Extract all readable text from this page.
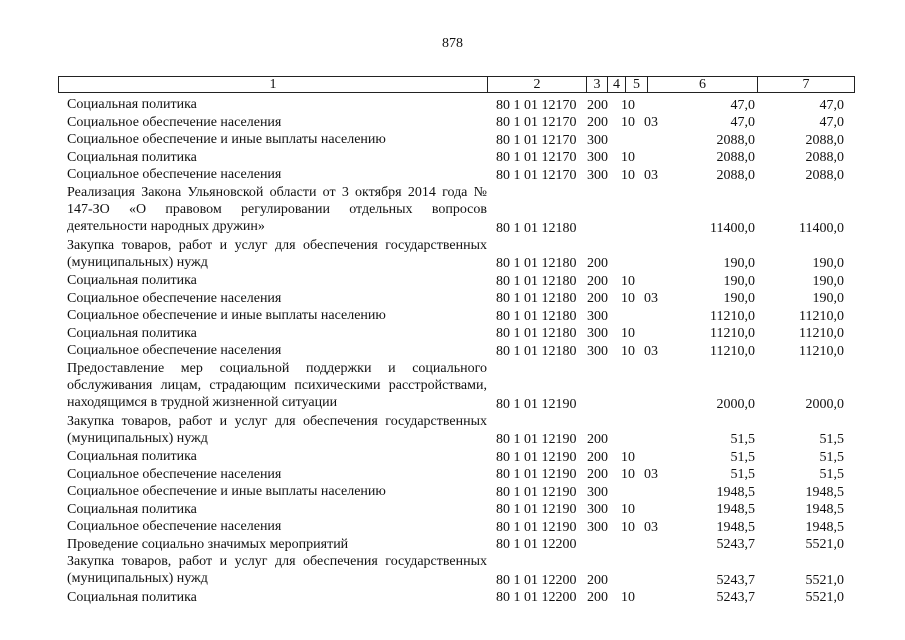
878
1	2	3 4 5	6	7
Социальная политика	80 1 01 12170 200 10	47,0	47,0
Социальное обеспечение населения	80 1 01 12170 200 10 03	47,0	47,0
Социальное обеспечение и иные выплаты населению	80 1 01 12170 300	2088,0	2088,0
Социальная политика	80 1 01 12170 300 10	2088,0	2088,0
Социальное обеспечение населения	80 1 01 12170 300 10 03	2088,0	2088,0
Реализация Закона Ульяновской области от 3 октября 2014 года № 147-ЗО «О правовом регулировании отдельных вопросов деятельности народных дружин»	80 1 01 12180	11400,0	11400,0
Закупка товаров, работ и услуг для обеспечения государственных (муниципальных) нужд	80 1 01 12180 200	190,0	190,0
Социальная политика	80 1 01 12180 200 10	190,0	190,0
Социальное обеспечение населения	80 1 01 12180 200 10 03	190,0	190,0
Социальное обеспечение и иные выплаты населению	80 1 01 12180 300	11210,0	11210,0
Социальная политика	80 1 01 12180 300 10	11210,0	11210,0
Социальное обеспечение населения	80 1 01 12180 300 10 03	11210,0	11210,0
Предоставление мер социальной поддержки и социального обслуживания лицам, страдающим психическими расстройствами, находящимся в трудной жизненной ситуации	80 1 01 12190	2000,0	2000,0
Закупка товаров, работ и услуг для обеспечения государственных (муниципальных) нужд	80 1 01 12190 200	51,5	51,5
Социальная политика	80 1 01 12190 200 10	51,5	51,5
Социальное обеспечение населения	80 1 01 12190 200 10 03	51,5	51,5
Социальное обеспечение и иные выплаты населению	80 1 01 12190 300	1948,5	1948,5
Социальная политика	80 1 01 12190 300 10	1948,5	1948,5
Социальное обеспечение населения	80 1 01 12190 300 10 03	1948,5	1948,5
Проведение социально значимых мероприятий	80 1 01 12200	5243,7	5521,0
Закупка товаров, работ и услуг для обеспечения государственных (муниципальных) нужд	80 1 01 12200 200	5243,7	5521,0
Социальная политика	80 1 01 12200 200 10	5243,7	5521,0
